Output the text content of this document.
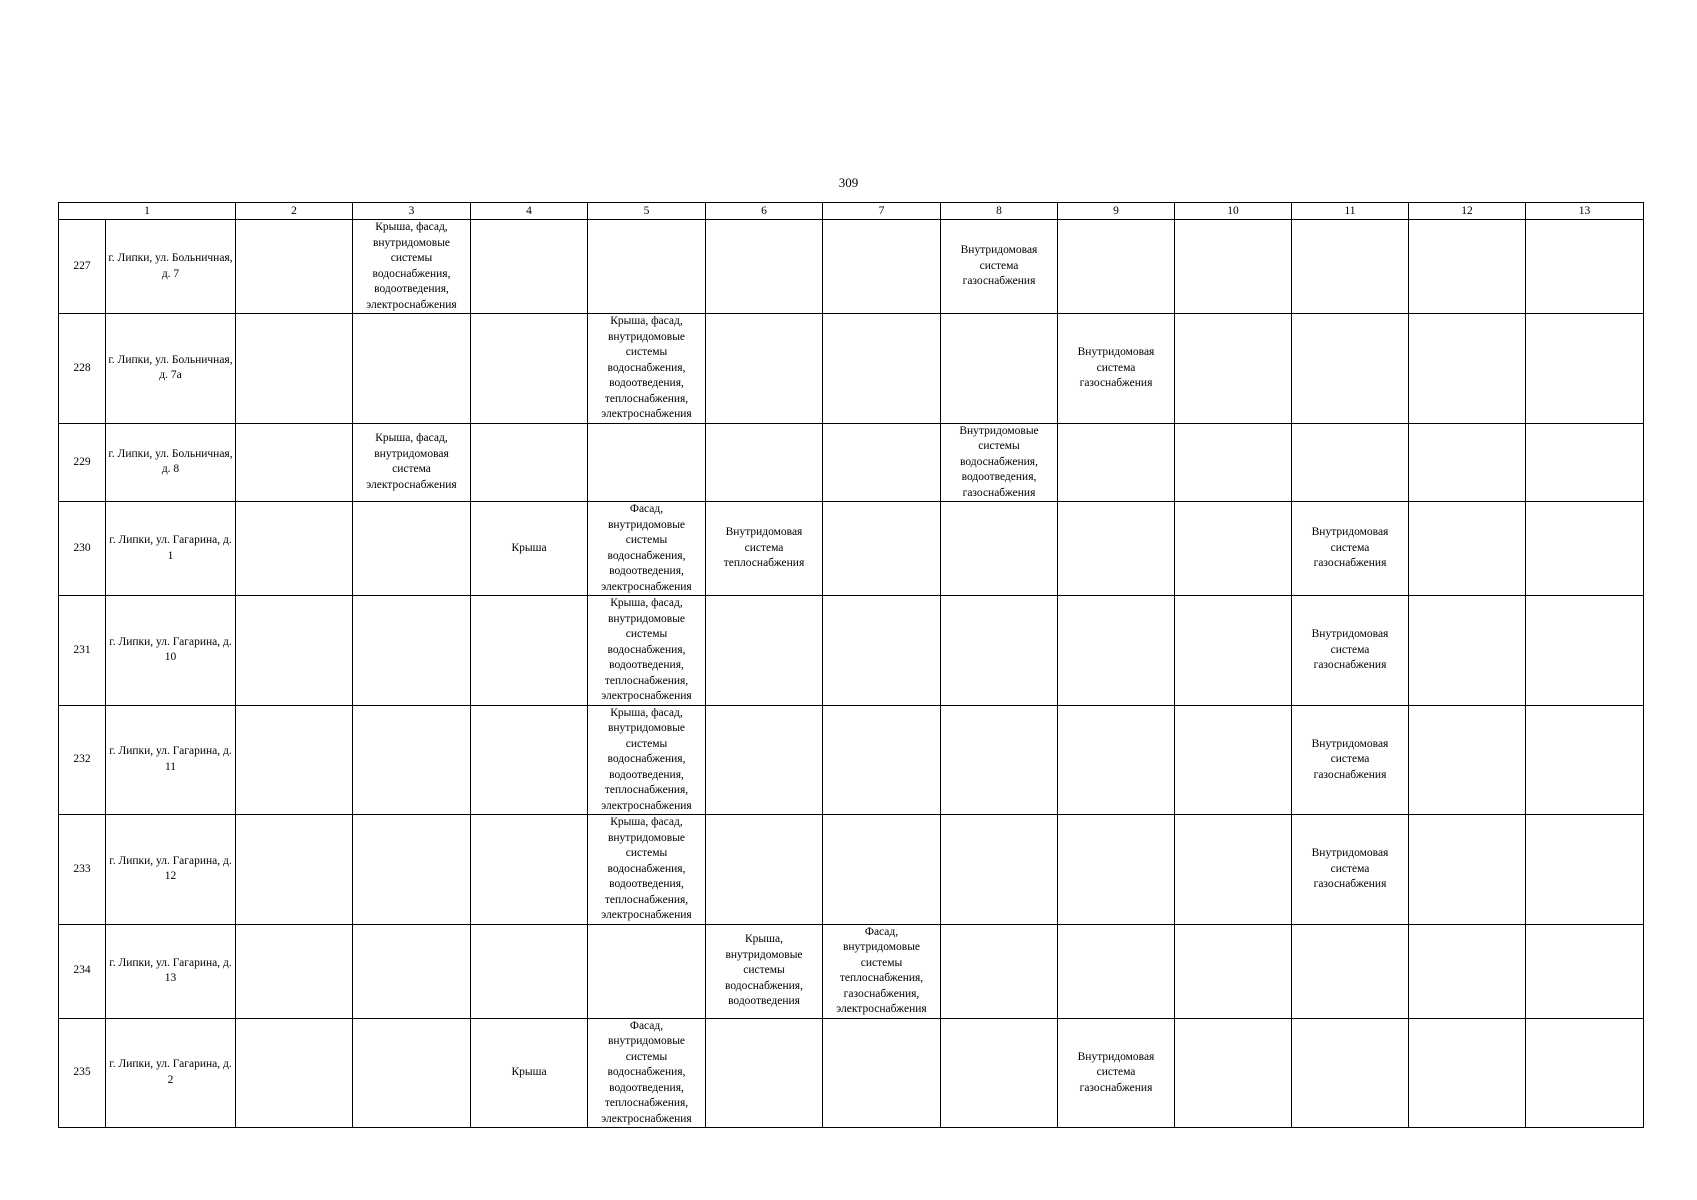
309
1		2	3	4	5	6	7	8	9	10	11	12	13
227	г. Липки, ул. Больничная, д. 7		Крыша, фасад, внутридомовые системы водоснабжения, водоотведения, электроснабжения					Внутридомовая система газоснабжения					

228	г. Липки, ул. Больничная, д. 7а				Крыша, фасад, внутридомовые системы водоснабжения, водоотведения, теплоснабжения, электроснабжения				Внутридомовая система газоснабжения				

229	г. Липки, ул. Больничная, д. 8		Крыша, фасад, внутридомовая система электроснабжения					Внутридомовые системы водоснабжения, водоотведения, газоснабжения					

230	г. Липки, ул. Гагарина, д. 1			Крыша	Фасад, внутридомовые системы водоснабжения, водоотведения, электроснабжения	Внутридомовая система теплоснабжения					Внутридомовая система газоснабжения		

231	г. Липки, ул. Гагарина, д. 10				Крыша, фасад, внутридомовые системы водоснабжения, водоотведения, теплоснабжения, электроснабжения						Внутридомовая система газоснабжения		

232	г. Липки, ул. Гагарина, д. 11				Крыша, фасад, внутридомовые системы водоснабжения, водоотведения, теплоснабжения, электроснабжения						Внутридомовая система газоснабжения		

233	г. Липки, ул. Гагарина, д. 12				Крыша, фасад, внутридомовые системы водоснабжения, водоотведения, теплоснабжения, электроснабжения						Внутридомовая система газоснабжения		

234	г. Липки, ул. Гагарина, д. 13					Крыша, внутридомовые системы водоснабжения, водоотведения	Фасад, внутридомовые системы теплоснабжения, газоснабжения, электроснабжения						

235	г. Липки, ул. Гагарина, д. 2			Крыша	Фасад, внутридомовые системы водоснабжения, водоотведения, теплоснабжения, электроснабжения				Внутридомовая система газоснабжения				
